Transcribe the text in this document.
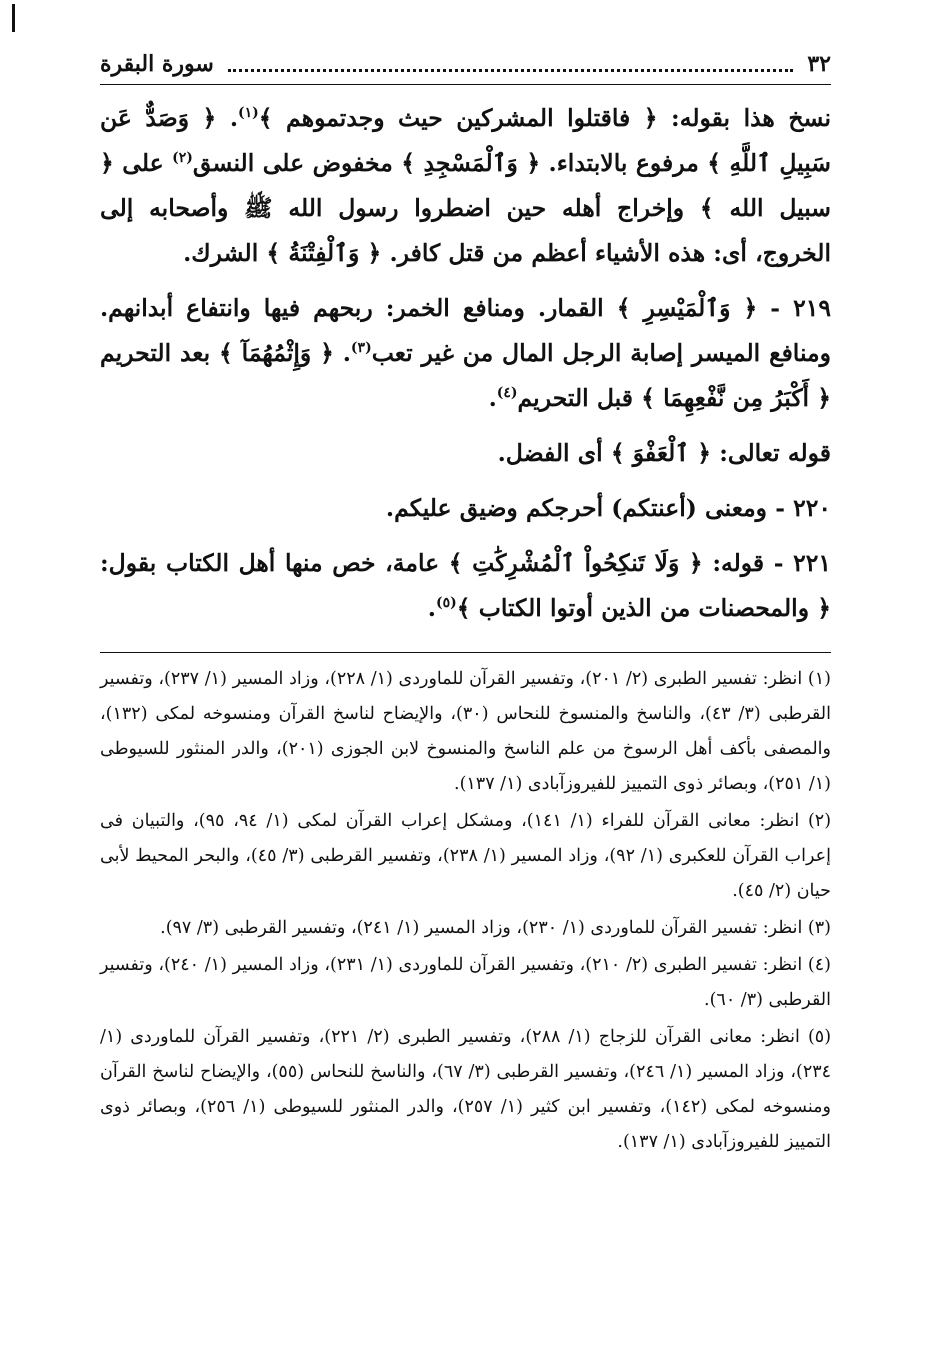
٣٢
سورة البقرة

نسخ هذا بقوله: ﴿ فاقتلوا المشركين حيث وجدتموهم ﴾$^{(١)}$. ﴿ وَصَدٌّ عَن سَبِيلِ ٱللَّهِ ﴾ مرفوع بالابتداء. ﴿ وَٱلْمَسْجِدِ ﴾ مخفوض على النسق$^{(٢)}$ على ﴿ سبيل الله ﴾ وإخراج أهله حين اضطروا رسول الله ﷺ وأصحابه إلى الخروج، أى: هذه الأشياء أعظم من قتل كافر. ﴿ وَٱلْفِتْنَةُ ﴾ الشرك.

٢١٩ - ﴿ وَٱلْمَيْسِرِ ﴾ القمار. ومنافع الخمر: ربحهم فيها وانتفاع أبدانهم. ومنافع الميسر إصابة الرجل المال من غير تعب$^{(٣)}$. ﴿ وَإِثْمُهُمَآ ﴾ بعد التحريم ﴿ أَكْبَرُ مِن نَّفْعِهِمَا ﴾ قبل التحريم$^{(٤)}$.

قوله تعالى: ﴿ ٱلْعَفْوَ ﴾ أى الفضل.

٢٢٠ - ومعنى (أعنتكم) أحرجكم وضيق عليكم.

٢٢١ - قوله: ﴿ وَلَا تَنكِحُواْ ٱلْمُشْرِكَٰتِ ﴾ عامة، خص منها أهل الكتاب بقول: ﴿ والمحصنات من الذين أوتوا الكتاب ﴾$^{(٥)}$.

(١) انظر: تفسير الطبرى (٢/ ٢٠١)، وتفسير القرآن للماوردى (١/ ٢٢٨)، وزاد المسير (١/ ٢٣٧)، وتفسير القرطبى (٣/ ٤٣)، والناسخ والمنسوخ للنحاس (٣٠)، والإيضاح لناسخ القرآن ومنسوخه لمكى (١٣٢)، والمصفى بأكف أهل الرسوخ من علم الناسخ والمنسوخ لابن الجوزى (٢٠١)، والدر المنثور للسيوطى (١/ ٢٥١)، وبصائر ذوى التمييز للفيروزآبادى (١/ ١٣٧).

(٢) انظر: معانى القرآن للفراء (١/ ١٤١)، ومشكل إعراب القرآن لمكى (١/ ٩٤، ٩٥)، والتبيان فى إعراب القرآن للعكبرى (١/ ٩٢)، وزاد المسير (١/ ٢٣٨)، وتفسير القرطبى (٣/ ٤٥)، والبحر المحيط لأبى حيان (٢/ ٤٥).

(٣) انظر: تفسير القرآن للماوردى (١/ ٢٣٠)، وزاد المسير (١/ ٢٤١)، وتفسير القرطبى (٣/ ٩٧).

(٤) انظر: تفسير الطبرى (٢/ ٢١٠)، وتفسير القرآن للماوردى (١/ ٢٣١)، وزاد المسير (١/ ٢٤٠)، وتفسير القرطبى (٣/ ٦٠).

(٥) انظر: معانى القرآن للزجاج (١/ ٢٨٨)، وتفسير الطبرى (٢/ ٢٢١)، وتفسير القرآن للماوردى (١/ ٢٣٤)، وزاد المسير (١/ ٢٤٦)، وتفسير القرطبى (٣/ ٦٧)، والناسخ للنحاس (٥٥)، والإيضاح لناسخ القرآن ومنسوخه لمكى (١٤٢)، وتفسير ابن كثير (١/ ٢٥٧)، والدر المنثور للسيوطى (١/ ٢٥٦)، وبصائر ذوى التمييز للفيروزآبادى (١/ ١٣٧).
